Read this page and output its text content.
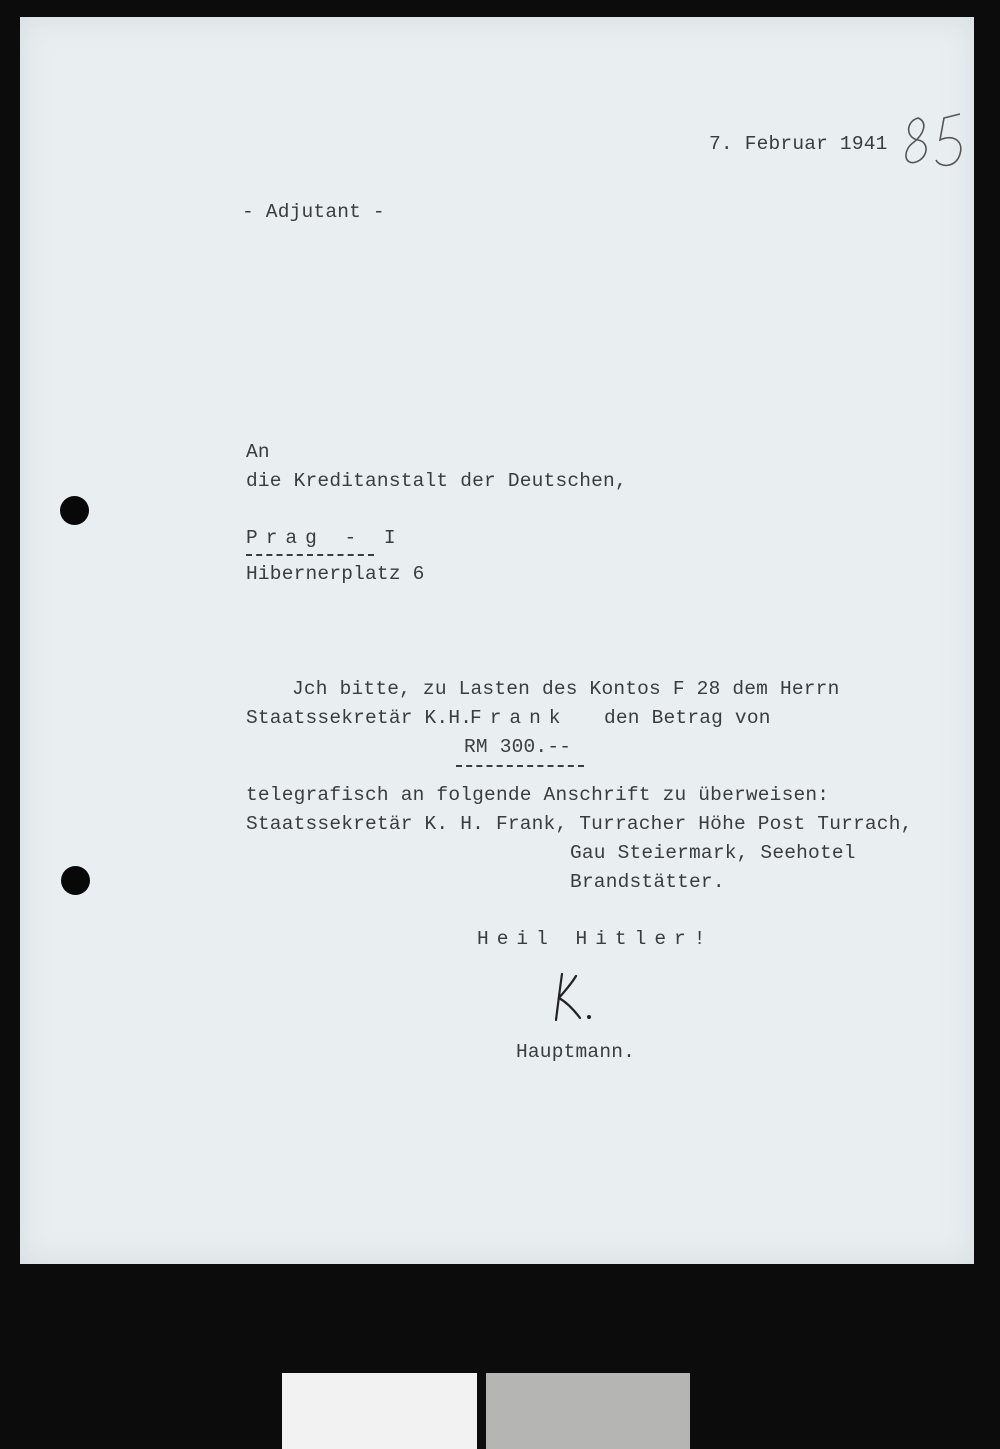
7. Februar 1941
- Adjutant -
An
die Kreditanstalt der Deutschen,
Prag - I
Hibernerplatz 6
Jch bitte, zu Lasten des Kontos F 28 dem Herrn
Staatssekretär K.H.
Frank den Betrag von
RM 300.--
telegrafisch an folgende Anschrift zu überweisen:
Staatssekretär K. H. Frank, Turracher Höhe Post Turrach,
Gau Steiermark, Seehotel
Brandstätter.
Heil Hitler!
Hauptmann.
